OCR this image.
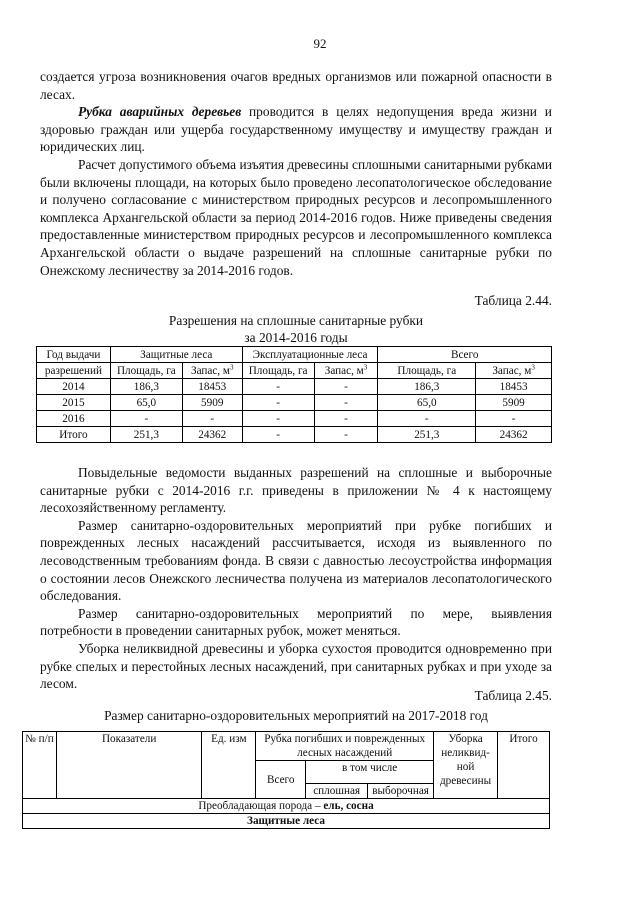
92

создается угроза возникновения очагов вредных организмов или пожарной опасности в лесах.

Рубка аварийных деревьев проводится в целях недопущения вреда жизни и здоровью граждан или ущерба государственному имуществу и имуществу граждан и юридических лиц.

Расчет допустимого объема изъятия древесины сплошными санитарными рубками были включены площади, на которых было проведено лесопатологическое обследование и получено согласование с министерством природных ресурсов и лесопромышленного комплекса Архангельской области за период 2014-2016 годов. Ниже приведены сведения предоставленные министерством природных ресурсов и лесопромышленного комплекса Архангельской области о выдаче разрешений на сплошные санитарные рубки по Онежскому лесничеству за 2014-2016 годов.

Таблица 2.44.
Разрешения на сплошные санитарные рубки
за 2014-2016 годы
Год выдачи	Защитные леса		Эксплуатационные леса		Всего	
разрешений	Площадь, га	Запас, $м^3$	Площадь, га	Запас, $м^3$	Площадь, га	Запас, $м^3$
2014	186,3	18453	-	-	186,3	18453
2015	65,0	5909	-	-	65,0	5909
2016	-	-	-	-	-	-
Итого	251,3	24362	-	-	251,3	24362

Повыдельные ведомости выданных разрешений на сплошные и выборочные санитарные рубки с 2014-2016 г.г. приведены в приложении № 4 к настоящему лесохозяйственному регламенту.

Размер санитарно-оздоровительных мероприятий при рубке погибших и поврежденных лесных насаждений рассчитывается, исходя из выявленного по лесоводственным требованиям фонда. В связи с давностью лесоустройства информация о состоянии лесов Онежского лесничества получена из материалов лесопатологического обследования.

Размер санитарно-оздоровительных мероприятий по мере, выявления потребности в проведении санитарных рубок, может меняться.

Уборка неликвидной древесины и уборка сухостоя проводится одновременно при рубке спелых и перестойных лесных насаждений, при санитарных рубках и при уходе за лесом.

Таблица 2.45.
Размер санитарно-оздоровительных мероприятий на 2017-2018 год
№ п/п	Показатели	Ед. изм	Рубка погибших и поврежденных лесных насаждений			Уборка неликвид-ной древесины	Итого
			Всего	в том числе			
				сплошная	выборочная		
Преобладающая порода – ель, сосна							
Защитные леса							
